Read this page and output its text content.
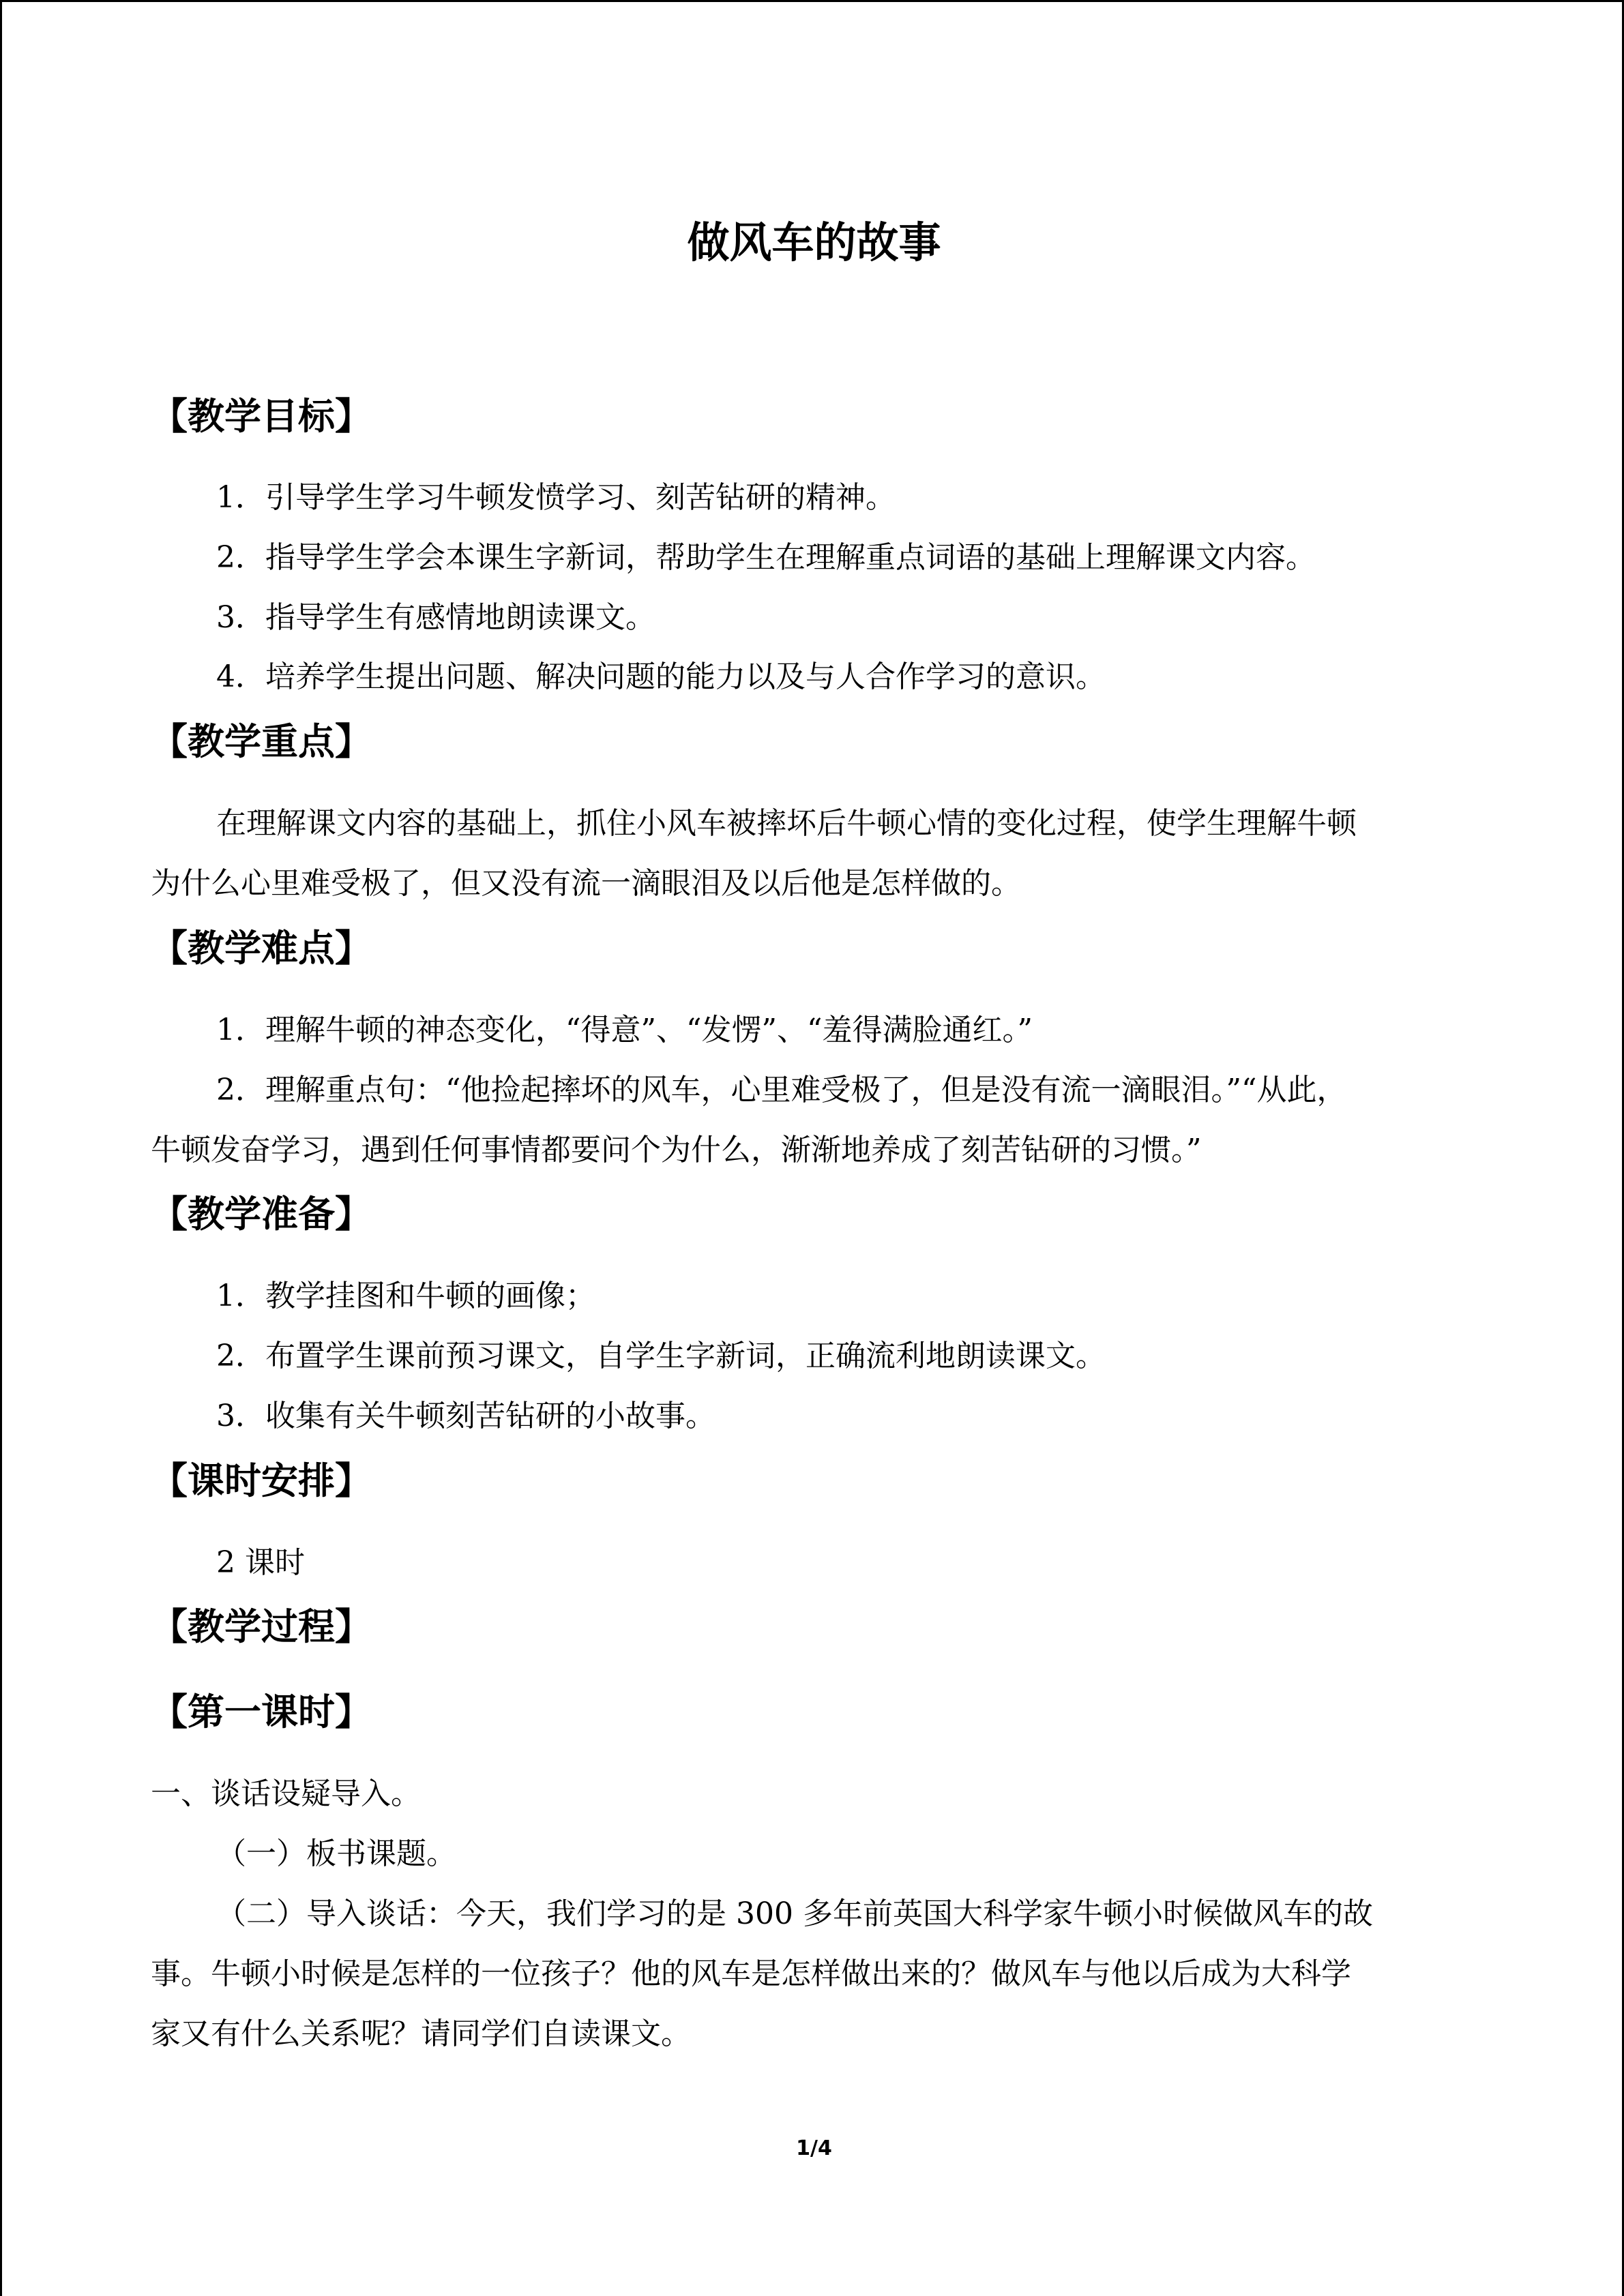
做风车的故事
【教学目标】
1．引导学生学习牛顿发愤学习、刻苦钻研的精神。
2．指导学生学会本课生字新词，帮助学生在理解重点词语的基础上理解课文内容。
3．指导学生有感情地朗读课文。
4．培养学生提出问题、解决问题的能力以及与人合作学习的意识。
【教学重点】
在理解课文内容的基础上，抓住小风车被摔坏后牛顿心情的变化过程，使学生理解牛顿
为什么心里难受极了，但又没有流一滴眼泪及以后他是怎样做的。
【教学难点】
1．理解牛顿的神态变化，“得意”、“发愣”、“羞得满脸通红。”
2．理解重点句：“他捡起摔坏的风车，心里难受极了，但是没有流一滴眼泪。”“从此，
牛顿发奋学习，遇到任何事情都要问个为什么，渐渐地养成了刻苦钻研的习惯。”
【教学准备】
1．教学挂图和牛顿的画像；
2．布置学生课前预习课文，自学生字新词，正确流利地朗读课文。
3．收集有关牛顿刻苦钻研的小故事。
【课时安排】
2 课时
【教学过程】
【第一课时】
一、谈话设疑导入。
（一）板书课题。
（二）导入谈话：今天，我们学习的是 300 多年前英国大科学家牛顿小时候做风车的故
事。牛顿小时候是怎样的一位孩子？他的风车是怎样做出来的？做风车与他以后成为大科学
家又有什么关系呢？请同学们自读课文。
1/4
